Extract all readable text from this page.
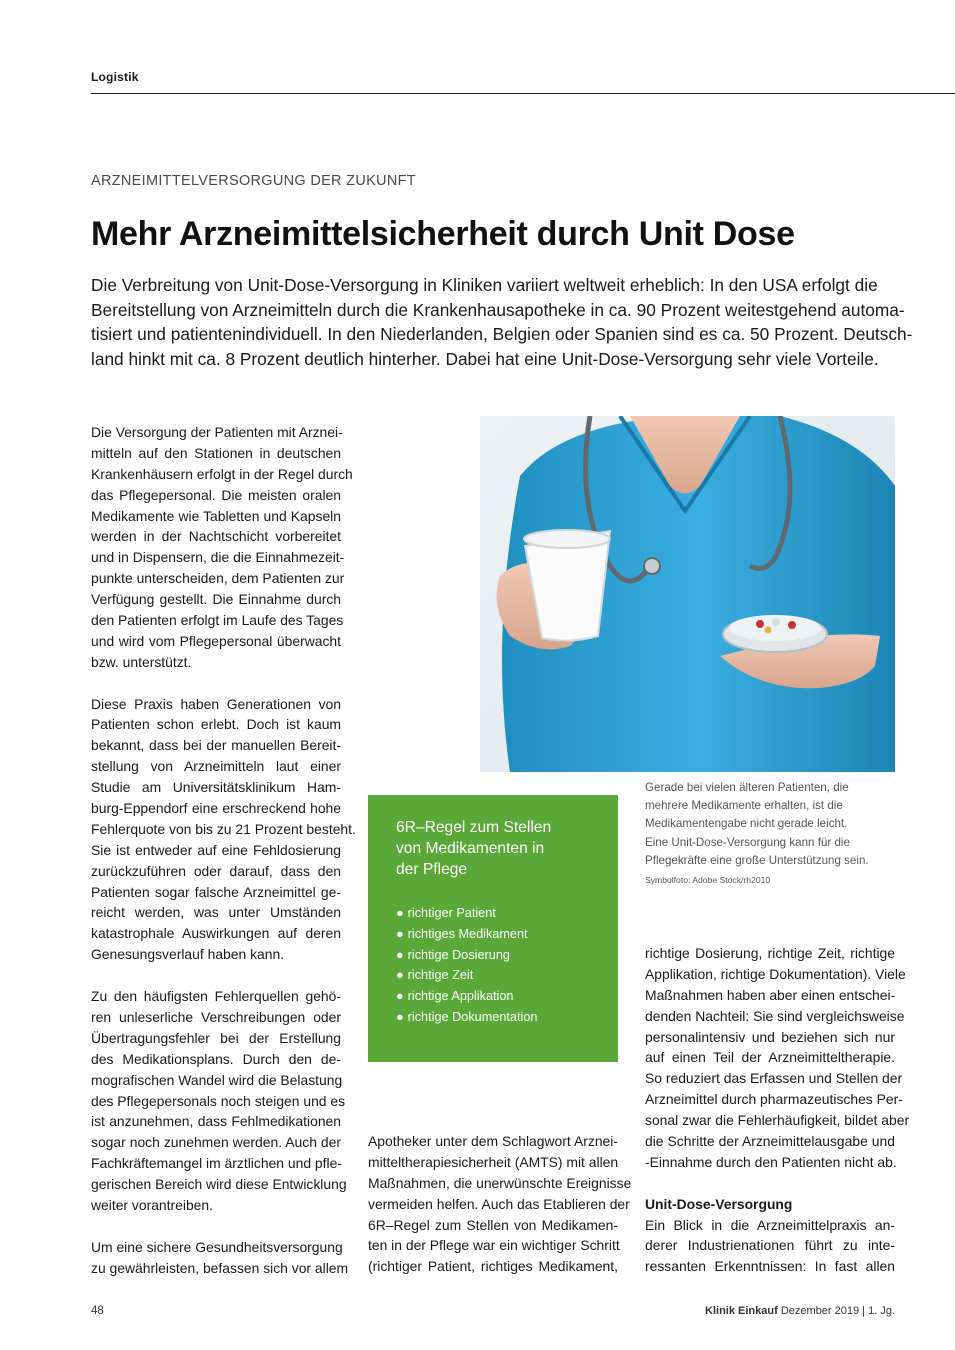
Logistik
ARZNEIMITTELVERSORGUNG DER ZUKUNFT
Mehr Arzneimittelsicherheit durch Unit Dose
Die Verbreitung von Unit-Dose-Versorgung in Kliniken variiert weltweit erheblich: In den USA erfolgt die
Bereitstellung von Arzneimitteln durch die Krankenhausapotheke in ca. 90 Prozent weitestgehend automa-
tisiert und patientenindividuell. In den Niederlanden, Belgien oder Spanien sind es ca. 50 Prozent. Deutsch-
land hinkt mit ca. 8 Prozent deutlich hinterher. Dabei hat eine Unit-Dose-Versorgung sehr viele Vorteile.
Die Versorgung der Patienten mit Arznei-
mitteln auf den Stationen in deutschen
Krankenhäusern erfolgt in der Regel durch
das Pflegepersonal. Die meisten oralen
Medikamente wie Tabletten und Kapseln
werden in der Nachtschicht vorbereitet
und in Dispensern, die die Einnahmezeit-
punkte unterscheiden, dem Patienten zur
Verfügung gestellt. Die Einnahme durch
den Patienten erfolgt im Laufe des Tages
und wird vom Pflegepersonal überwacht
bzw. unterstützt.
Diese Praxis haben Generationen von
Patienten schon erlebt. Doch ist kaum
bekannt, dass bei der manuellen Bereit-
stellung von Arzneimitteln laut einer
Studie am Universitätsklinikum Ham-
burg-Eppendorf eine erschreckend hohe
Fehlerquote von bis zu 21 Prozent besteht.
Sie ist entweder auf eine Fehldosierung
zurückzuführen oder darauf, dass den
Patienten sogar falsche Arzneimittel ge-
reicht werden, was unter Umständen
katastrophale Auswirkungen auf deren
Genesungsverlauf haben kann.
Zu den häufigsten Fehlerquellen gehö-
ren unleserliche Verschreibungen oder
Übertragungsfehler bei der Erstellung
des Medikationsplans. Durch den de-
mografischen Wandel wird die Belastung
des Pflegepersonals noch steigen und es
ist anzunehmen, dass Fehlmedikationen
sogar noch zunehmen werden. Auch der
Fachkräftemangel im ärztlichen und pfle-
gerischen Bereich wird diese Entwicklung
weiter vorantreiben.
Um eine sichere Gesundheitsversorgung
zu gewährleisten, befassen sich vor allem
Gerade bei vielen älteren Patienten, die
mehrere Medikamente erhalten, ist die
Medikamentengabe nicht gerade leicht.
Eine Unit-Dose-Versorgung kann für die
Pflegekräfte eine große Unterstützung sein.
Symbolfoto: Adobe Stock/rh2010
6R–Regel zum Stellen
von Medikamenten in
der Pflege
● richtiger Patient
● richtiges Medikament
● richtige Dosierung
● richtige Zeit
● richtige Applikation
● richtige Dokumentation
Apotheker unter dem Schlagwort Arznei-
mitteltherapiesicherheit (AMTS) mit allen
Maßnahmen, die unerwünschte Ereignisse
vermeiden helfen. Auch das Etablieren der
6R–Regel zum Stellen von Medikamen-
ten in der Pflege war ein wichtiger Schritt
(richtiger Patient, richtiges Medikament,
richtige Dosierung, richtige Zeit, richtige
Applikation, richtige Dokumentation). Viele
Maßnahmen haben aber einen entschei-
denden Nachteil: Sie sind vergleichsweise
personalintensiv und beziehen sich nur
auf einen Teil der Arzneimitteltherapie.
So reduziert das Erfassen und Stellen der
Arzneimittel durch pharmazeutisches Per-
sonal zwar die Fehlerhäufigkeit, bildet aber
die Schritte der Arzneimittelausgabe und
-Einnahme durch den Patienten nicht ab.
Unit-Dose-Versorgung
Ein Blick in die Arzneimittelpraxis an-
derer Industrienationen führt zu inte-
ressanten Erkenntnissen: In fast allen
48	Klinik Einkauf Dezember 2019 | 1. Jg.
